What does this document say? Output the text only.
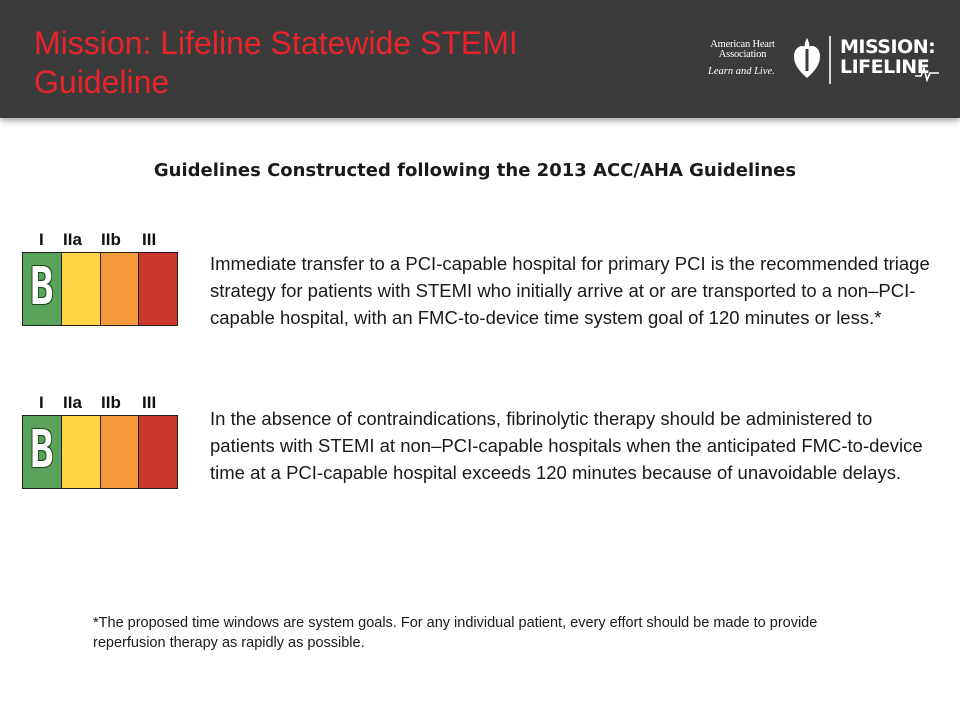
Mission: Lifeline Statewide STEMI Guideline
American Heart
Association
Learn and Live.
MISSION:
LIFELINE
Guidelines Constructed following the 2013 ACC/AHA Guidelines
I IIa IIb III
B	Immediate transfer to a PCI-capable hospital for primary PCI is the recommended triage strategy for patients with STEMI who initially arrive at or are transported to a non–PCI-capable hospital, with an FMC-to-device time system goal of 120 minutes or less.*

I IIa IIb III
B

In the absence of contraindications, fibrinolytic therapy should be administered to patients with STEMI at non–PCI-capable hospitals when the anticipated FMC-to-device time at a PCI-capable hospital exceeds 120 minutes because of unavoidable delays.

*The proposed time windows are system goals. For any individual patient, every effort should be made to provide reperfusion therapy as rapidly as possible.
